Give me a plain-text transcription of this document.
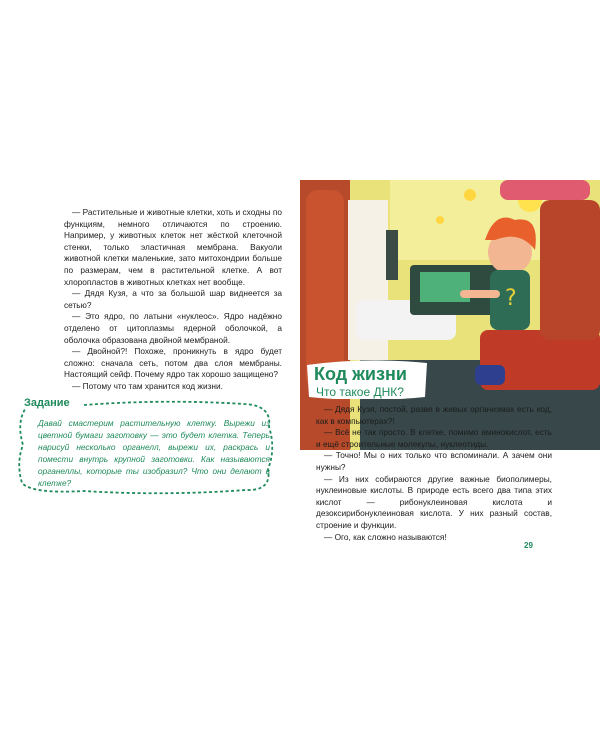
— Растительные и животные клетки, хоть и сходны по функциям, немного отличаются по строению. Например, у животных клеток нет жёсткой клеточной стенки, только эластичная мембрана. Вакуоли животной клетки маленькие, зато митохондрии больше по размерам, чем в растительной клетке. А вот хлоропластов в животных клетках нет вообще.

— Дядя Кузя, а что за большой шар виднеется за сетью?

— Это ядро, по латыни «нуклеос». Ядро надёжно отделено от цитоплазмы ядерной оболочкой, а оболочка образована двойной мембраной.

— Двойной?! Похоже, проникнуть в ядро будет сложно: сначала сеть, потом два слоя мембраны. Настоящий сейф. Почему ядро так хорошо защищено?

— Потому что там хранится код жизни.

Задание
Давай смастерим растительную клетку. Вырежи из цветной бумаги заготовку — это будет клетка. Теперь нарисуй несколько органелл, вырежи их, раскрась и помести внутрь крупной заготовки. Как называются органеллы, которые ты изобразил? Что они делают в клетке?
?
Код жизни
Что такое ДНК?

— Дядя Кузя, постой, разве в живых организмах есть код, как в компьютерах?!

— Всё не так просто. В клетке, помимо аминокислот, есть и ещё строительные молекулы, нуклеотиды.

— Точно! Мы о них только что вспоминали. А зачем они нужны?

— Из них собираются другие важные биополимеры, нуклеиновые кислоты. В природе есть всего два типа этих кислот — рибонуклеиновая кислота и дезоксирибонуклеиновая кислота. У них разный состав, строение и функции.

— Ого, как сложно называются!

29
